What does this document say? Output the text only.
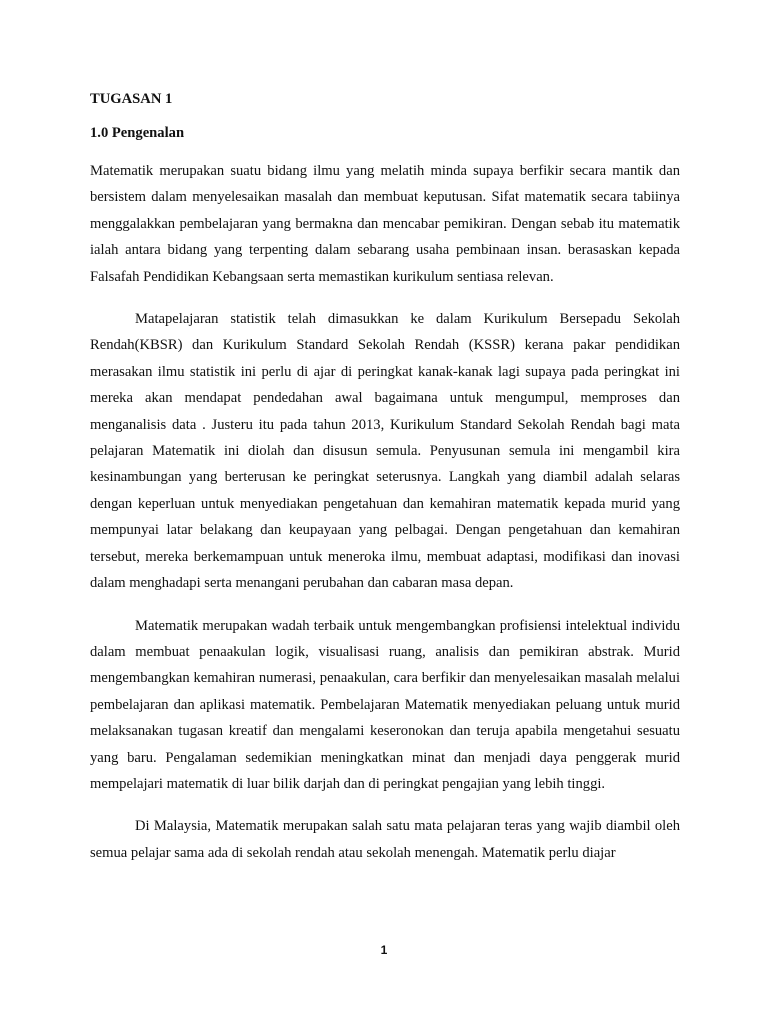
TUGASAN 1

1.0 Pengenalan

Matematik merupakan suatu bidang ilmu yang melatih minda supaya berfikir secara mantik dan bersistem dalam menyelesaikan masalah dan membuat keputusan. Sifat matematik secara tabiinya menggalakkan pembelajaran yang bermakna dan mencabar pemikiran. Dengan sebab itu matematik ialah antara bidang yang terpenting dalam sebarang usaha pembinaan insan. berasaskan kepada Falsafah Pendidikan Kebangsaan serta memastikan kurikulum sentiasa relevan.

Matapelajaran statistik telah dimasukkan ke dalam Kurikulum Bersepadu Sekolah Rendah(KBSR) dan Kurikulum Standard Sekolah Rendah (KSSR) kerana pakar pendidikan merasakan ilmu statistik ini perlu di ajar di peringkat kanak-kanak lagi supaya pada peringkat ini mereka akan mendapat pendedahan awal bagaimana untuk mengumpul, memproses dan menganalisis data . Justeru itu pada tahun 2013, Kurikulum Standard Sekolah Rendah bagi mata pelajaran Matematik ini diolah dan disusun semula. Penyusunan semula ini mengambil kira kesinambungan yang berterusan ke peringkat seterusnya. Langkah yang diambil adalah selaras dengan keperluan untuk menyediakan pengetahuan dan kemahiran matematik kepada murid yang mempunyai latar belakang dan keupayaan yang pelbagai. Dengan pengetahuan dan kemahiran tersebut, mereka berkemampuan untuk meneroka ilmu, membuat adaptasi, modifikasi dan inovasi dalam menghadapi serta menangani perubahan dan cabaran masa depan.

Matematik merupakan wadah terbaik untuk mengembangkan profisiensi intelektual individu dalam membuat penaakulan logik, visualisasi ruang, analisis dan pemikiran abstrak. Murid mengembangkan kemahiran numerasi, penaakulan, cara berfikir dan menyelesaikan masalah melalui pembelajaran dan aplikasi matematik. Pembelajaran Matematik menyediakan peluang untuk murid melaksanakan tugasan kreatif dan mengalami keseronokan dan teruja apabila mengetahui sesuatu yang baru. Pengalaman sedemikian meningkatkan minat dan menjadi daya penggerak murid mempelajari matematik di luar bilik darjah dan di peringkat pengajian yang lebih tinggi.

Di Malaysia, Matematik merupakan salah satu mata pelajaran teras yang wajib diambil oleh semua pelajar sama ada di sekolah rendah atau sekolah menengah. Matematik perlu diajar

1
